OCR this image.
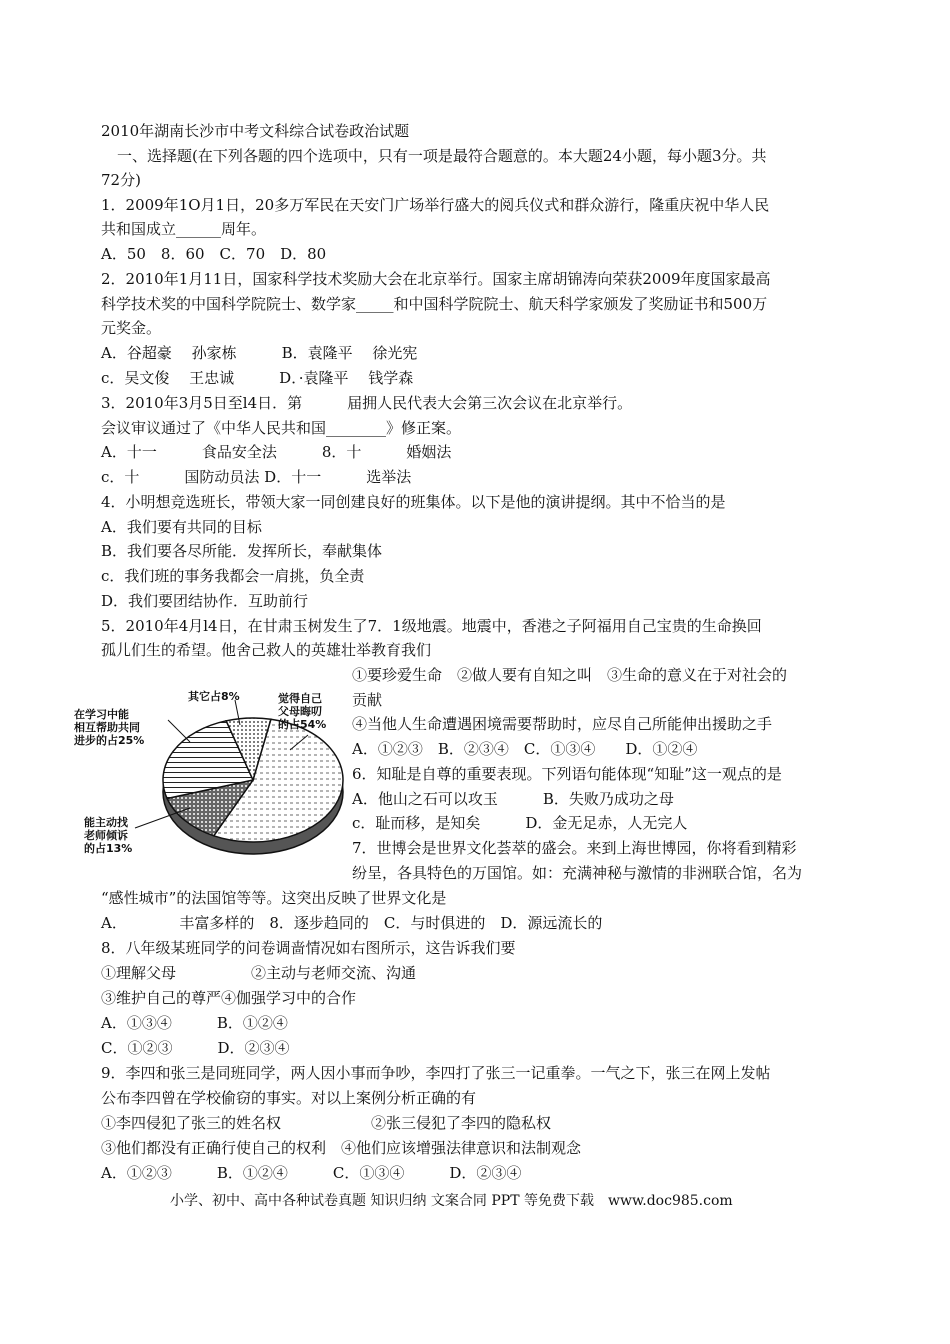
2010年湖南长沙市中考文科综合试卷政治试题
一、选择题(在下列各题的四个选项中，只有一项是最符合题意的。本大题24小题，每小题3分。共
72分)
1．2009年1O月1日，20多万军民在天安门广场举行盛大的阅兵仪式和群众游行，隆重庆祝中华人民
共和国成立______周年。
A．50　8．60　C．70　D．80
2．2010年1月11日，国家科学技术奖励大会在北京举行。国家主席胡锦涛向荣获2009年度国家最高
科学技术奖的中国科学院院士、数学家_____和中国科学院院士、航天科学家颁发了奖励证书和500万
元奖金。
A．谷超豪　 孙家栋　　　B．袁隆平　 徐光宪
c．吴文俊　 王忠诚　　　D．·袁隆平　 钱学森
3．2010年3月5日至l4日．第　　　届拥人民代表大会第三次会议在北京举行。
会议审议通过了《中华人民共和国________》修正案。
A．十一　　　食品安全法　　　8．十　　　婚姻法
c．十　　　国防动员法 D．十一　　　选举法
4．小明想竞选班长，带领大家一同创建良好的班集体。以下是他的演讲提纲。其中不恰当的是
A．我们要有共同的目标
B．我们要各尽所能．发挥所长，奉献集体
c．我们班的事务我都会一肩挑，负全责
D．我们要团结协作．互助前行
5．2010年4月l4日，在甘肃玉树发生了7．1级地震。地震中，香港之子阿福用自己宝贵的生命换回
孤儿们生的希望。他舍己救人的英雄壮举教育我们
其它占8%	觉得自己
父母晦叨
的占54%
在学习中能
相互帮助共同
进步的占25%
能主动找
老师倾诉
的占13%
①要珍爱生命　②做人要有自知之叫　③生命的意义在于对社会的
贡献
④当他人生命遭遇困境需要帮助时，应尽自己所能伸出援助之手
A．①②③　B．②③④　C．①③④　　D．①②④
6．知耻是自尊的重要表现。下列语句能体现“知耻”这一观点的是
A．他山之石可以攻玉　　　B．失败乃成功之母
c．耻而移，是知矣　　　D．金无足赤，人无完人
7．世博会是世界文化荟萃的盛会。来到上海世博园，你将看到精彩
纷呈，各具特色的万国馆。如：充满神秘与激情的非洲联合馆，名为
“感性城市”的法国馆等等。这突出反映了世界文化是
A．　　　　丰富多样的　8．逐步趋同的　C．与时俱进的　D．源远流长的
8．八年级某班同学的问卷调啬情况如右图所示，这告诉我们要
①理解父母　　　　　②主动与老师交流、沟通
③维护自己的尊严④伽强学习中的合作
A．①③④　　　B．①②④
C．①②③　　　D．②③④
9．李四和张三是同班同学，两人因小事而争吵，李四打了张三一记重拳。一气之下，张三在网上发帖
公布李四曾在学校偷窃的事实。对以上案例分析正确的有
①李四侵犯了张三的姓名权　　　　　　②张三侵犯了李四的隐私权
③他们都没有正确行使自己的权利　④他们应该增强法律意识和法制观念
A．①②③　　　B．①②④　　　C．①③④　　　D．②③④
小学、初中、高中各种试卷真题 知识归纳 文案合同 PPT 等免费下载　www.doc985.com
